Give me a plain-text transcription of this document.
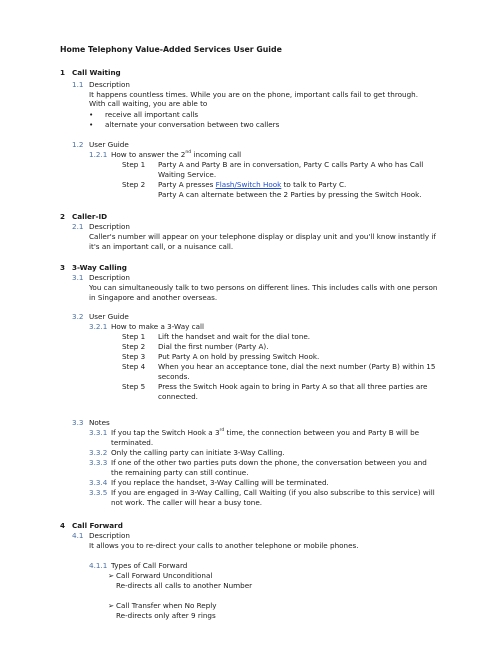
Home Telephony Value-Added Services User Guide
1 Call Waiting
1.1 Description
It happens countless times. While you are on the phone, important calls fail to get through.
With call waiting, you are able to
• receive all important calls
• alternate your conversation between two callers
1.2 User Guide
1.2.1 How to answer the 2nd incoming call
Step 1 Party A and Party B are in conversation, Party C calls Party A who has Call
Waiting Service.
Step 2 Party A presses Flash/Switch Hook to talk to Party C.
Party A can alternate between the 2 Parties by pressing the Switch Hook.
2 Caller-ID
2.1 Description
Caller's number will appear on your telephone display or display unit and you'll know instantly if
it's an important call, or a nuisance call.
3 3-Way Calling
3.1 Description
You can simultaneously talk to two persons on different lines. This includes calls with one person
in Singapore and another overseas.
3.2 User Guide
3.2.1 How to make a 3-Way call
Step 1 Lift the handset and wait for the dial tone.
Step 2 Dial the first number (Party A).
Step 3 Put Party A on hold by pressing Switch Hook.
Step 4 When you hear an acceptance tone, dial the next number (Party B) within 15
seconds.
Step 5 Press the Switch Hook again to bring in Party A so that all three parties are
connected.
3.3 Notes
3.3.1 If you tap the Switch Hook a 3rd time, the connection between you and Party B will be
terminated.
3.3.2 Only the calling party can initiate 3-Way Calling.
3.3.3 If one of the other two parties puts down the phone, the conversation between you and
the remaining party can still continue.
3.3.4 If you replace the handset, 3-Way Calling will be terminated.
3.3.5 If you are engaged in 3-Way Calling, Call Waiting (if you also subscribe to this service) will
not work. The caller will hear a busy tone.
4 Call Forward
4.1 Description
It allows you to re-direct your calls to another telephone or mobile phones.
4.1.1 Types of Call Forward
➢ Call Forward Unconditional
Re-directs all calls to another Number
➢ Call Transfer when No Reply
Re-directs only after 9 rings
